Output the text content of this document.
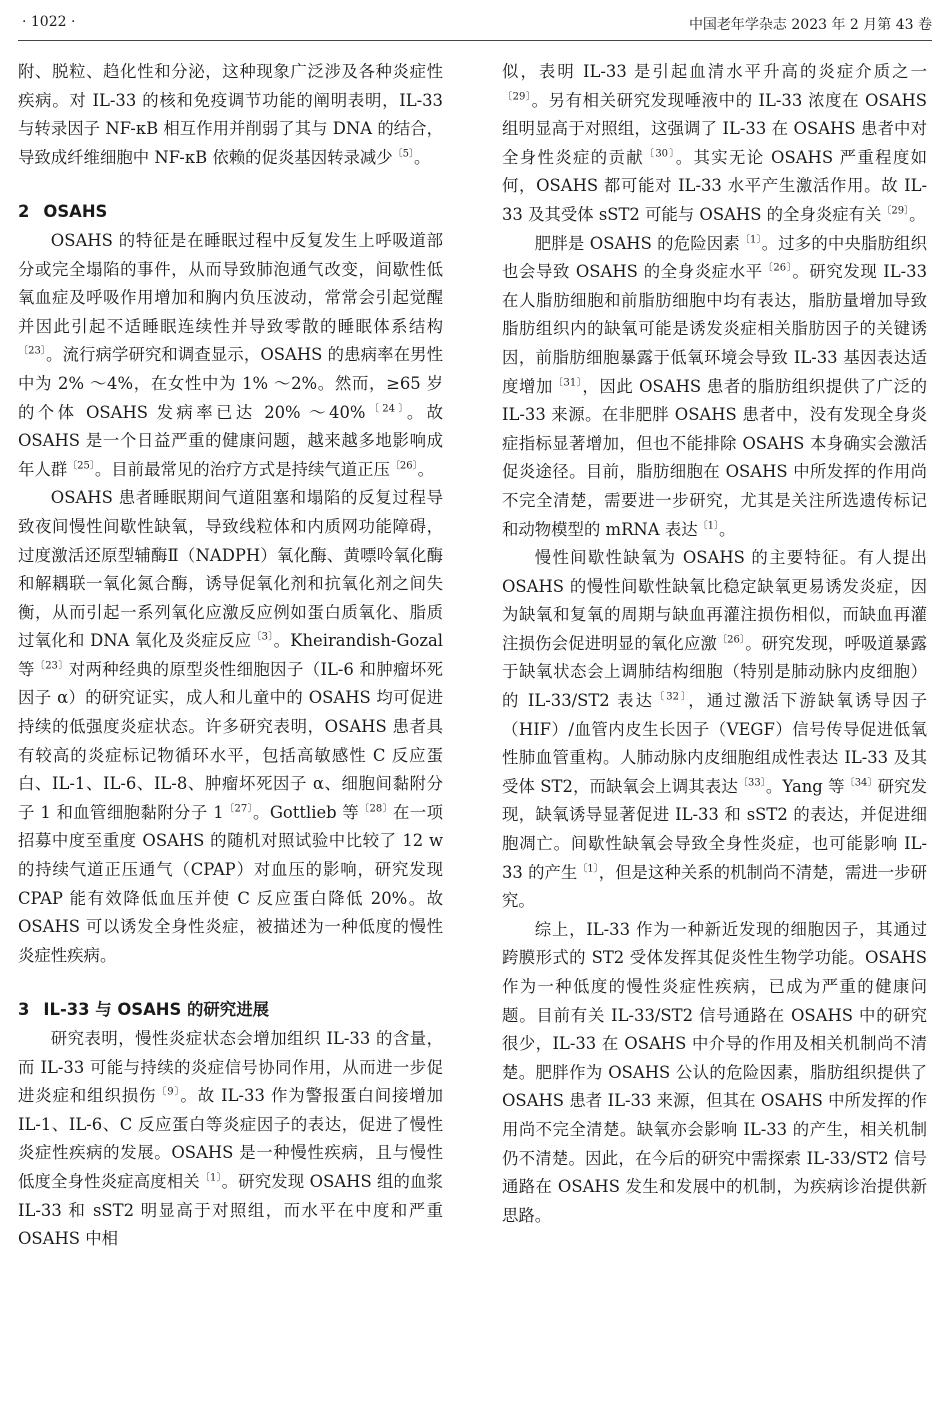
· 1022 ·	中国老年学杂志 2023 年 2 月第 43 卷

附、脱粒、趋化性和分泌，这种现象广泛涉及各种炎症性疾病。对 IL-33 的核和免疫调节功能的阐明表明，IL-33 与转录因子 NF-κB 相互作用并削弱了其与 DNA 的结合，导致成纤维细胞中 NF-κB 依赖的促炎基因转录减少$^{〔5〕}$。

2 OSAHS

OSAHS 的特征是在睡眠过程中反复发生上呼吸道部分或完全塌陷的事件，从而导致肺泡通气改变，间歇性低氧血症及呼吸作用增加和胸内负压波动，常常会引起觉醒并因此引起不适睡眠连续性并导致零散的睡眠体系结构$^{〔23〕}$。流行病学研究和调查显示，OSAHS 的患病率在男性中为 2% ～4%，在女性中为 1% ～2%。然而，≥65 岁的个体 OSAHS 发病率已达 20% ～40%$^{〔24〕}$。故 OSAHS 是一个日益严重的健康问题，越来越多地影响成年人群$^{〔25〕}$。目前最常见的治疗方式是持续气道正压$^{〔26〕}$。

OSAHS 患者睡眠期间气道阻塞和塌陷的反复过程导致夜间慢性间歇性缺氧，导致线粒体和内质网功能障碍，过度激活还原型辅酶Ⅱ（NADPH）氧化酶、黄嘌呤氧化酶和解耦联一氧化氮合酶，诱导促氧化剂和抗氧化剂之间失衡，从而引起一系列氧化应激反应例如蛋白质氧化、脂质过氧化和 DNA 氧化及炎症反应$^{〔3〕}$。Kheirandish-Gozal 等$^{〔23〕}$对两种经典的原型炎性细胞因子（IL-6 和肿瘤坏死因子 α）的研究证实，成人和儿童中的 OSAHS 均可促进持续的低强度炎症状态。许多研究表明，OSAHS 患者具有较高的炎症标记物循环水平，包括高敏感性 C 反应蛋白、IL-1、IL-6、IL-8、肿瘤坏死因子 α、细胞间黏附分子 1 和血管细胞黏附分子 $1^{〔27〕}$。Gottlieb 等$^{〔28〕}$在一项招募中度至重度 OSAHS 的随机对照试验中比较了 12 w 的持续气道正压通气（CPAP）对血压的影响，研究发现 CPAP 能有效降低血压并使 C 反应蛋白降低 20%。故 OSAHS 可以诱发全身性炎症，被描述为一种低度的慢性炎症性疾病。

3 IL-33 与 OSAHS 的研究进展

研究表明，慢性炎症状态会增加组织 IL-33 的含量，而 IL-33 可能与持续的炎症信号协同作用，从而进一步促进炎症和组织损伤$^{〔9〕}$。故 IL-33 作为警报蛋白间接增加 IL-1、IL-6、C 反应蛋白等炎症因子的表达，促进了慢性炎症性疾病的发展。OSAHS 是一种慢性疾病，且与慢性低度全身性炎症高度相关$^{〔1〕}$。研究发现 OSAHS 组的血浆 IL-33 和 sST2 明显高于对照组，而水平在中度和严重 OSAHS 中相

似，表明 IL-33 是引起血清水平升高的炎症介质之一$^{〔29〕}$。另有相关研究发现唾液中的 IL-33 浓度在 OSAHS 组明显高于对照组，这强调了 IL-33 在 OSAHS 患者中对全身性炎症的贡献$^{〔30〕}$。其实无论 OSAHS 严重程度如何，OSAHS 都可能对 IL-33 水平产生激活作用。故 IL-33 及其受体 sST2 可能与 OSAHS 的全身炎症有关$^{〔29〕}$。

肥胖是 OSAHS 的危险因素$^{〔1〕}$。过多的中央脂肪组织也会导致 OSAHS 的全身炎症水平$^{〔26〕}$。研究发现 IL-33 在人脂肪细胞和前脂肪细胞中均有表达，脂肪量增加导致脂肪组织内的缺氧可能是诱发炎症相关脂肪因子的关键诱因，前脂肪细胞暴露于低氧环境会导致 IL-33 基因表达适度增加$^{〔31〕}$，因此 OSAHS 患者的脂肪组织提供了广泛的 IL-33 来源。在非肥胖 OSAHS 患者中，没有发现全身炎症指标显著增加，但也不能排除 OSAHS 本身确实会激活促炎途径。目前，脂肪细胞在 OSAHS 中所发挥的作用尚不完全清楚，需要进一步研究，尤其是关注所选遗传标记和动物模型的 mRNA 表达$^{〔1〕}$。

慢性间歇性缺氧为 OSAHS 的主要特征。有人提出 OSAHS 的慢性间歇性缺氧比稳定缺氧更易诱发炎症，因为缺氧和复氧的周期与缺血再灌注损伤相似，而缺血再灌注损伤会促进明显的氧化应激$^{〔26〕}$。研究发现，呼吸道暴露于缺氧状态会上调肺结构细胞（特别是肺动脉内皮细胞）的 IL-33/ST2 表达$^{〔32〕}$，通过激活下游缺氧诱导因子（HIF）/血管内皮生长因子（VEGF）信号传导促进低氧性肺血管重构。人肺动脉内皮细胞组成性表达 IL-33 及其受体 ST2，而缺氧会上调其表达$^{〔33〕}$。Yang 等$^{〔34〕}$研究发现，缺氧诱导显著促进 IL-33 和 sST2 的表达，并促进细胞凋亡。间歇性缺氧会导致全身性炎症，也可能影响 IL-33 的产生$^{〔1〕}$，但是这种关系的机制尚不清楚，需进一步研究。

综上，IL-33 作为一种新近发现的细胞因子，其通过跨膜形式的 ST2 受体发挥其促炎性生物学功能。OSAHS 作为一种低度的慢性炎症性疾病，已成为严重的健康问题。目前有关 IL-33/ST2 信号通路在 OSAHS 中的研究很少，IL-33 在 OSAHS 中介导的作用及相关机制尚不清楚。肥胖作为 OSAHS 公认的危险因素，脂肪组织提供了 OSAHS 患者 IL-33 来源，但其在 OSAHS 中所发挥的作用尚不完全清楚。缺氧亦会影响 IL-33 的产生，相关机制仍不清楚。因此，在今后的研究中需探索 IL-33/ST2 信号通路在 OSAHS 发生和发展中的机制，为疾病诊治提供新思路。
